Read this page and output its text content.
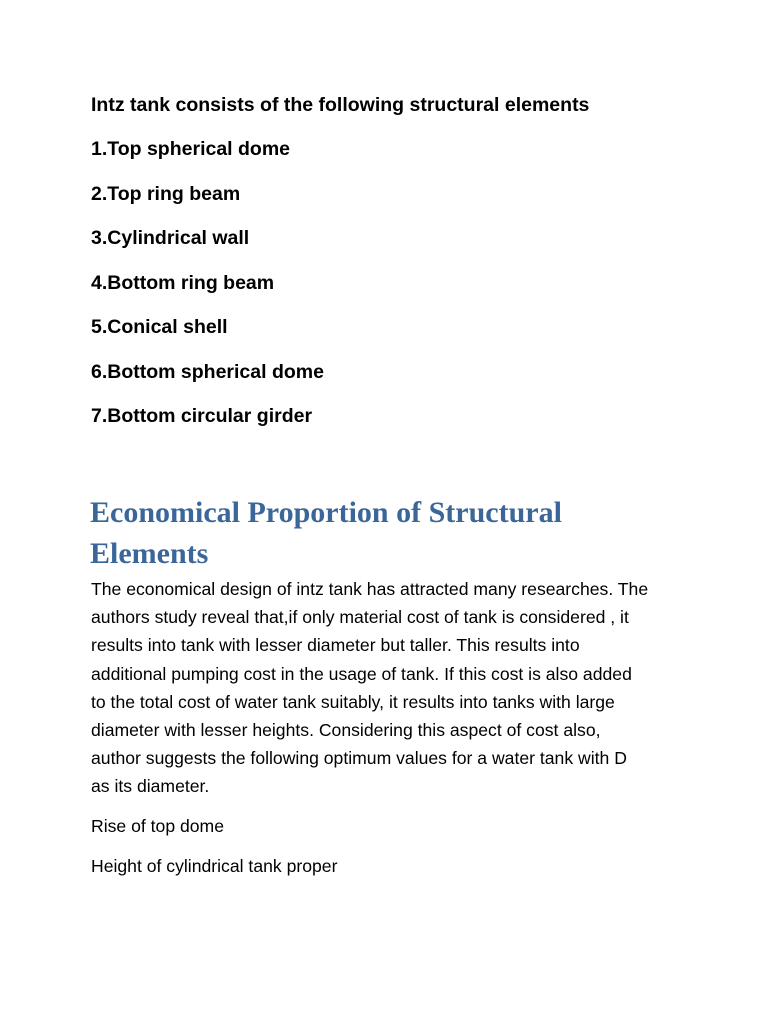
Intz tank consists of the following structural elements
1.Top spherical dome
2.Top ring beam
3.Cylindrical wall
4.Bottom ring beam
5.Conical shell
6.Bottom spherical dome
7.Bottom circular girder
Economical Proportion of Structural
Elements

The economical design of intz tank has attracted many researches. The
authors study reveal that,if only material cost of tank is considered , it
results into tank with lesser diameter but taller. This results into
additional pumping cost in the usage of tank. If this cost is also added
to the total cost of water tank suitably, it results into tanks with large
diameter with lesser heights. Considering this aspect of cost also,
author suggests the following optimum values for a water tank with D
as its diameter.

Rise of top dome
Height of cylindrical tank proper
